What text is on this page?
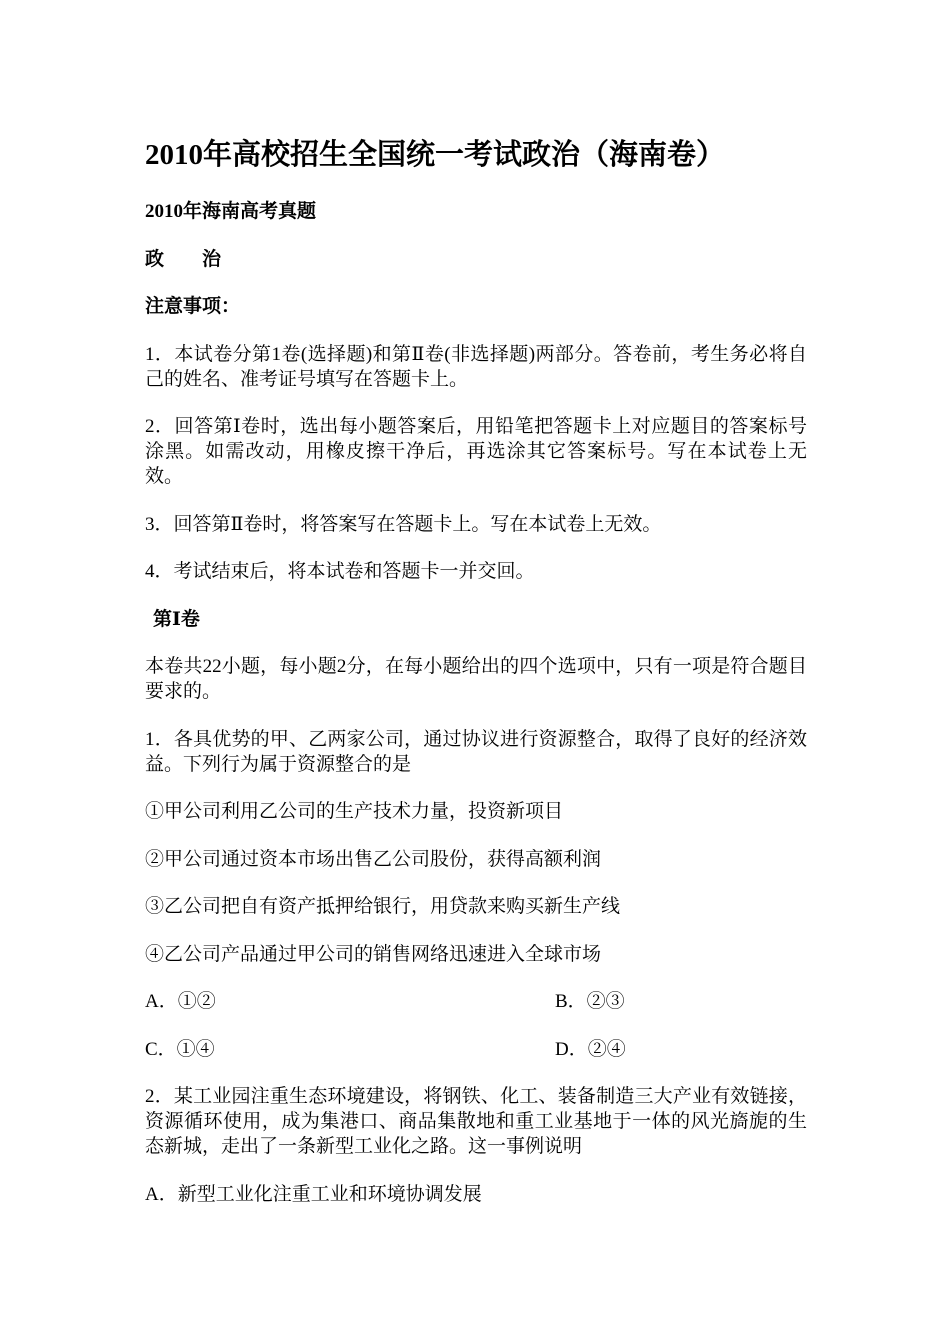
2010年高校招生全国统一考试政治（海南卷）

2010年海南高考真题

政　　治

注意事项：

1．本试卷分第1卷(选择题)和第Ⅱ卷(非选择题)两部分。答卷前，考生务必将自己的姓名、准考证号填写在答题卡上。

2．回答第Ⅰ卷时，选出每小题答案后，用铅笔把答题卡上对应题目的答案标号涂黑。如需改动，用橡皮擦干净后，再选涂其它答案标号。写在本试卷上无效。

3．回答第Ⅱ卷时，将答案写在答题卡上。写在本试卷上无效。

4．考试结束后，将本试卷和答题卡一并交回。

第Ⅰ卷

本卷共22小题，每小题2分，在每小题给出的四个选项中，只有一项是符合题目要求的。

1．各具优势的甲、乙两家公司，通过协议进行资源整合，取得了良好的经济效益。下列行为属于资源整合的是

①甲公司利用乙公司的生产技术力量，投资新项目

②甲公司通过资本市场出售乙公司股份，获得高额利润

③乙公司把自有资产抵押给银行，用贷款来购买新生产线

④乙公司产品通过甲公司的销售网络迅速进入全球市场

A．①②	B．②③
C．①④	D．②④

2．某工业园注重生态环境建设，将钢铁、化工、装备制造三大产业有效链接，资源循环使用，成为集港口、商品集散地和重工业基地于一体的风光旖旎的生态新城，走出了一条新型工业化之路。这一事例说明

A．新型工业化注重工业和环境协调发展
